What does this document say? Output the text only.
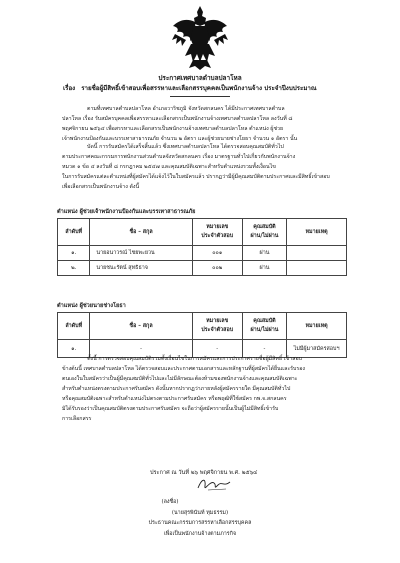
ประกาศเทศบาลตำบลปลาโหล
เรื่อง รายชื่อผู้มีสิทธิ์เข้าสอบเพื่อสรรหาและเลือกสรรบุคคลเป็นพนักงานจ้าง ประจำปีงบประมาณ
ตามที่เทศบาลตำบลปลาโหล อำเภอวาริชภูมิ จังหวัดสกลนคร ได้มีประกาศเทศบาลตำบล
ปลาโหล เรื่อง รับสมัครบุคคลเพื่อสรรหาและเลือกสรรเป็นพนักงานจ้างเทศบาลตำบลปลาโหล ลงวันที่ ๘
พฤศจิกายน ๒๕๖๔ เพื่อสรรหาและเลือกสรรเป็นพนักงานจ้างเทศบาลตำบลปลาโหล ตำแหน่ง ผู้ช่วย
เจ้าพนักงานป้องกันและบรรเทาสาธารณภัย จำนวน ๒ อัตรา และผู้ช่วยนายช่างโยธา จำนวน ๑ อัตรา นั้น
บัดนี้ การรับสมัครได้เสร็จสิ้นแล้ว ซึ่งเทศบาลตำบลปลาโหล ได้ตรวจสอบคุณสมบัติทั่วไป
ตามประกาศคณะกรรมการพนักงานส่วนตำบลจังหวัดสกลนคร เรื่อง มาตรฐานทั่วไปเกี่ยวกับพนักงานจ้าง
หมวด ๑ ข้อ ๔ ลงวันที่ ๘ กรกฎาคม ๒๕๔๗ และคุณสมบัติเฉพาะสำหรับตำแหน่งรวมทั้งเงื่อนไข
ในการรับสมัครแต่ละตำแหน่งที่ผู้สมัครได้แจ้งไว้ในใบสมัครแล้ว ปรากฏว่ามีผู้มีคุณสมบัติตามประกาศและมีสิทธิ์เข้าสอบ
เพื่อเลือกสรรเป็นพนักงานจ้าง ดังนี้
ตำแหน่ง ผู้ช่วยเจ้าพนักงานป้องกันและบรรเทาสาธารณภัย
ลำดับที่	ชื่อ – สกุล	หมายเลข
ประจำตัวสอบ	คุณสมบัติ
ผ่าน/ไม่ผ่าน	หมายเหตุ
๑.	นายอนาวรณ์ ไชยพะยวน	๐๐๑	ผ่าน	
๒.	นายชนะรัตน์ สุทธิธาจ	๐๐๒	ผ่าน	
ตำแหน่ง ผู้ช่วยนายช่างโยธา
ลำดับที่	ชื่อ – สกุล	หมายเลข
ประจำตัวสอบ	คุณสมบัติ
ผ่าน/ไม่ผ่าน	หมายเหตุ
๑.	-	-	-	ไม่มีผู้มาสมัครสอบฯ
ทั้งนี้ การตรวจสอบคุณสมบัติรวมทั้งเงื่อนไขในการสมัครและการประกาศรายชื่อผู้มีสิทธิ์ เข้าสอบ
ข้างต้นนี้ เทศบาลตำบลปลาโหล ได้ตรวจสอบและประกาศตามเอกสารและหลักฐานที่ผู้สมัครได้ยื่นและรับรอง
ตนเองในใบสมัครว่าเป็นผู้มีคุณสมบัติทั่วไปและไม่มีลักษณะต้องห้ามของพนักงานจ้างและคุณสมบัติเฉพาะ
สำหรับตำแหน่งตรงตามประกาศรับสมัคร ดังนั้นหากปรากฏว่าภายหลังผู้สมัครรายใด มีคุณสมบัติทั่วไป
หรือคุณสมบัติเฉพาะสำหรับตำแหน่งไม่ตรงตามประกาศรับสมัคร หรือพฤฒิที่ใช้สมัคร กพ.จ.สกลนคร
มิได้รับรองว่าเป็นคุณสมบัติตรงตามประกาศรับสมัคร จะถือว่าผู้สมัครรายนั้นเป็นผู้ไม่มีสิทธิ์เข้ารับ
การเลือกสรร
ประกาศ ณ วันที่ ๒๖ พฤศจิกายน พ.ศ. ๒๕๖๔
(ลงชื่อ)
(นายสุรพินันท์ ทุมธรรม)
ประธานคณะกรรมการสรรหาเลือกสรรบุคคล
เพื่อเป็นพนักงานจ้างตามภารกิจ
